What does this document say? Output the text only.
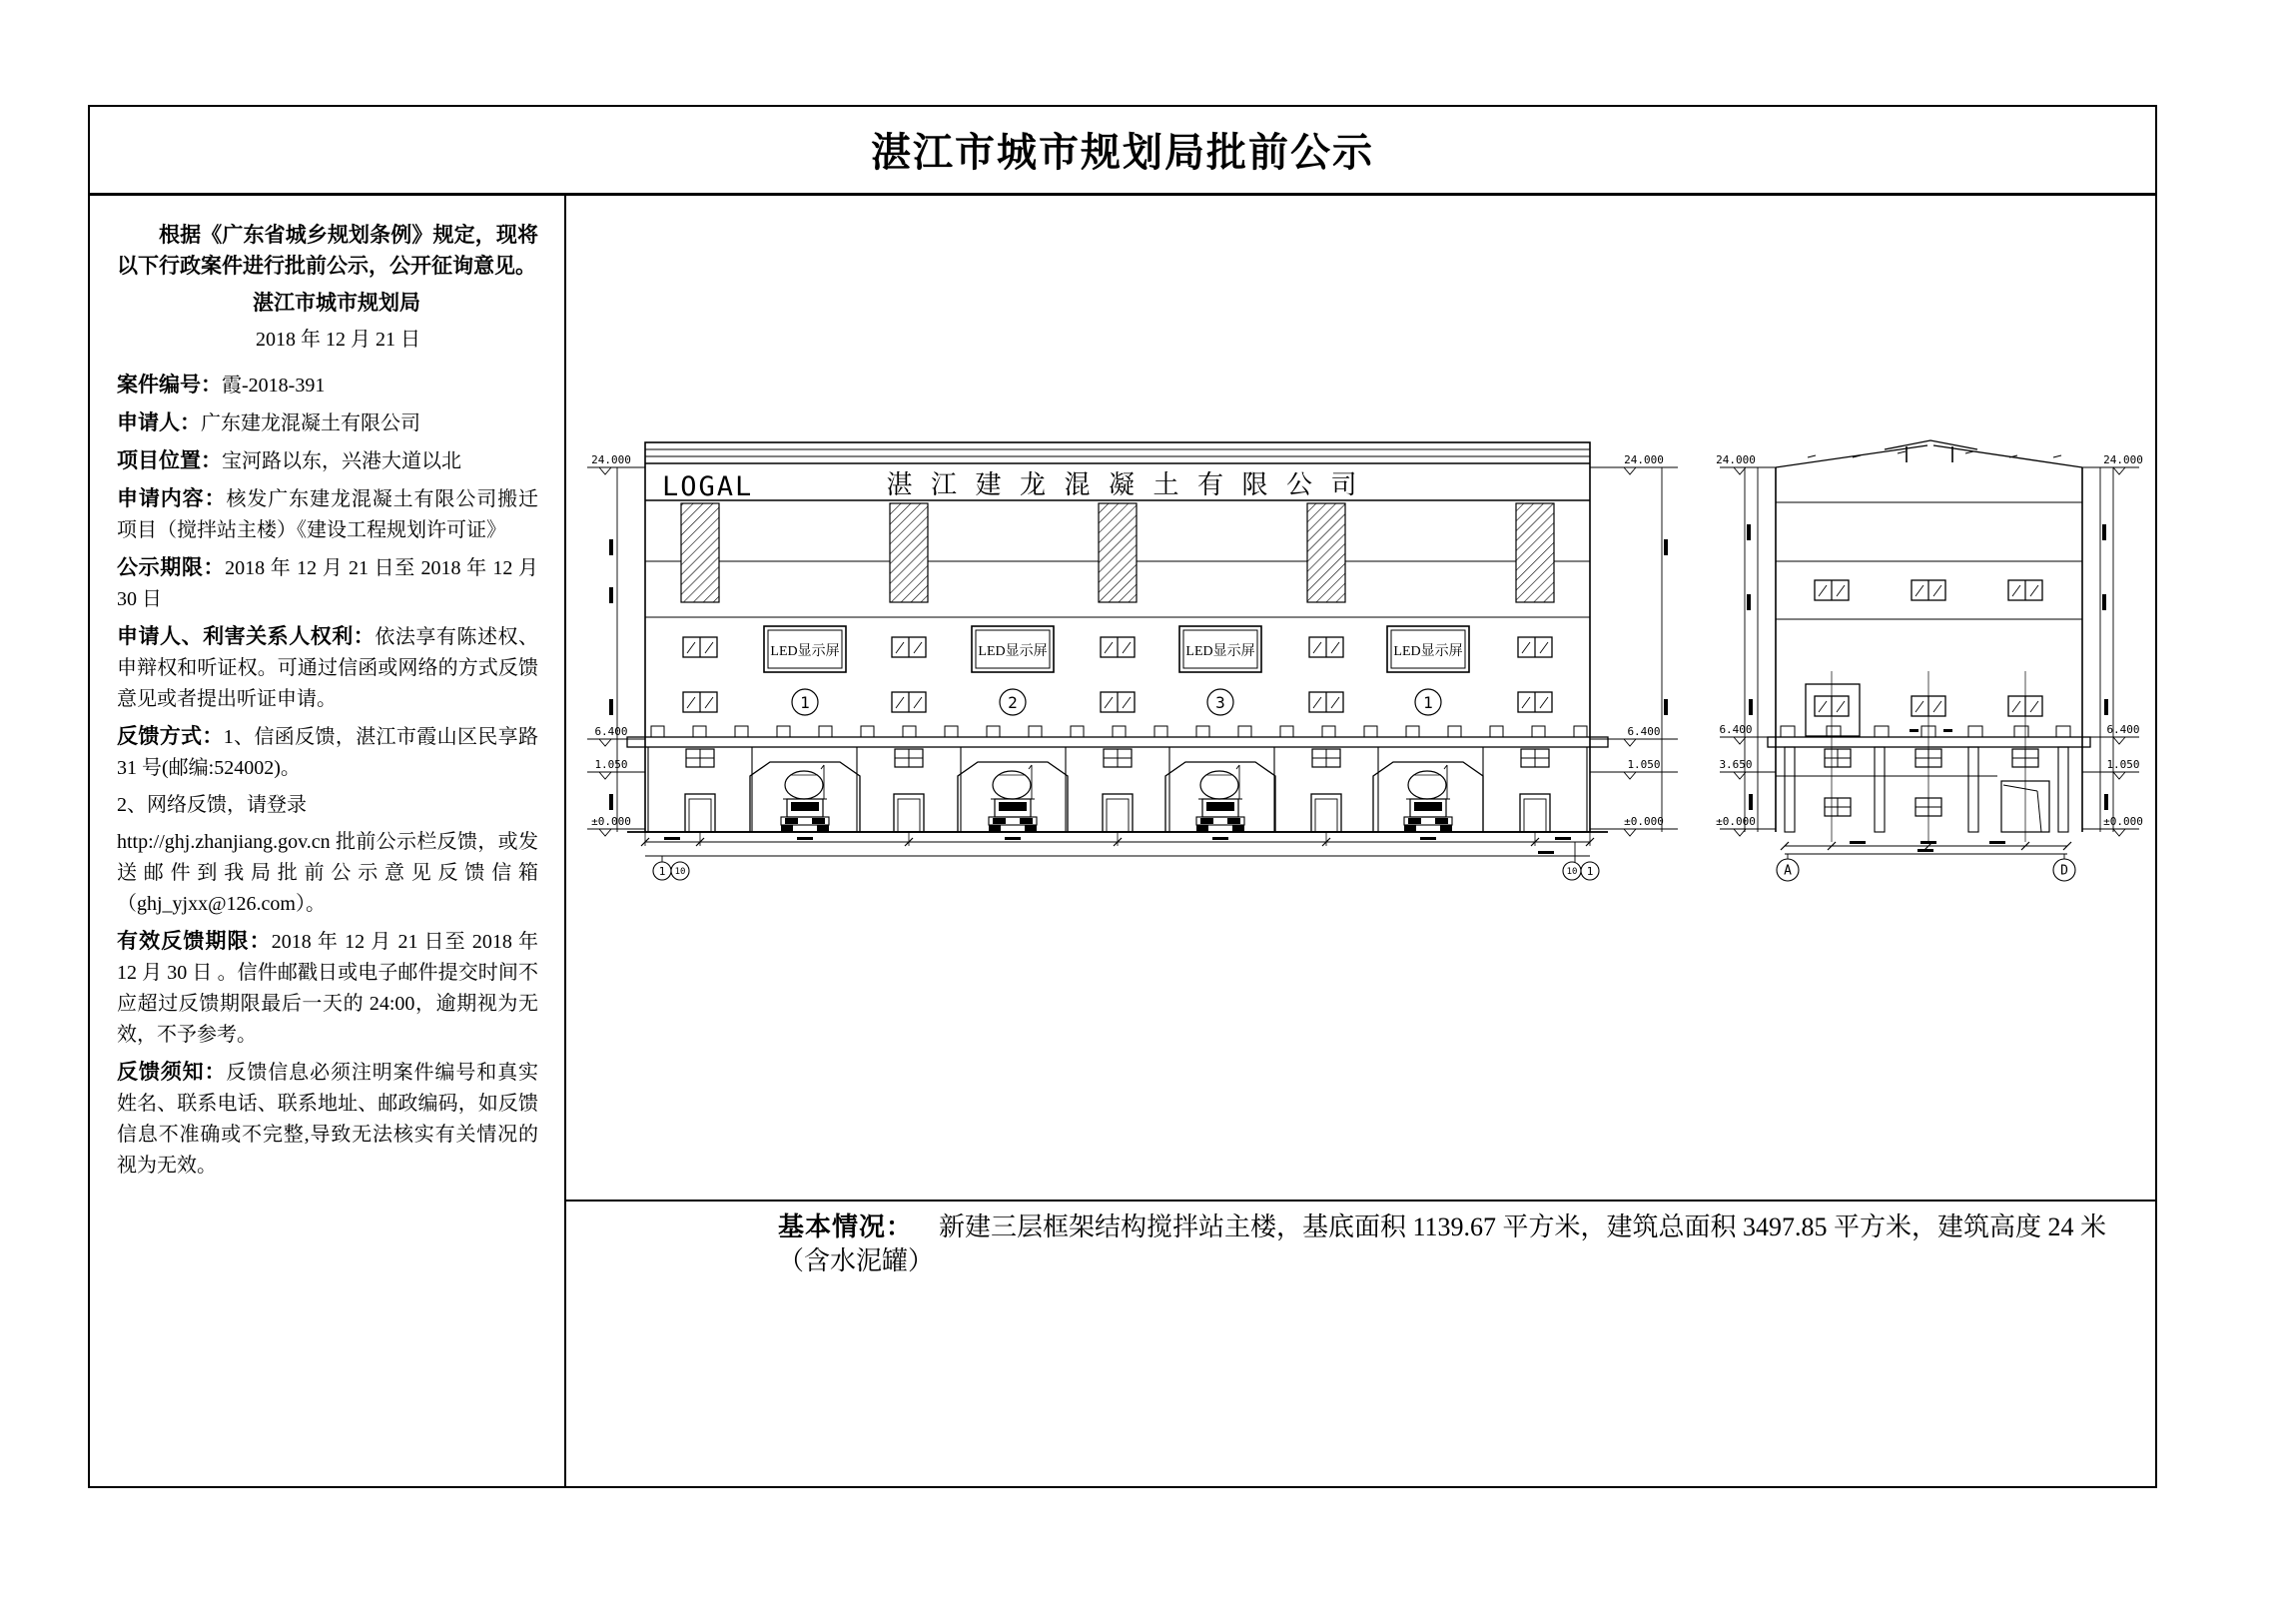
湛江市城市规划局批前公示

根据《广东省城乡规划条例》规定，现将以下行政案件进行批前公示，公开征询意见。

湛江市城市规划局

2018 年 12 月 21 日

案件编号：霞-2018-391

申请人：广东建龙混凝土有限公司

项目位置：宝河路以东，兴港大道以北

申请内容：核发广东建龙混凝土有限公司搬迁项目（搅拌站主楼）《建设工程规划许可证》

公示期限：2018 年 12 月 21 日至 2018 年 12 月 30 日

申请人、利害关系人权利：依法享有陈述权、申辩权和听证权。可通过信函或网络的方式反馈意见或者提出听证申请。

反馈方式：1、信函反馈，湛江市霞山区民享路 31 号(邮编:524002)。

2、网络反馈，请登录

http://ghj.zhanjiang.gov.cn 批前公示栏反馈，或发送邮件到我局批前公示意见反馈信箱（ghj_yjxx@126.com）。

有效反馈期限：2018 年 12 月 21 日至 2018 年 12 月 30 日 。信件邮戳日或电子邮件提交时间不应超过反馈期限最后一天的 24:00，逾期视为无效，不予参考。

反馈须知：反馈信息必须注明案件编号和真实姓名、联系电话、联系地址、邮政编码，如反馈信息不准确或不完整,导致无法核实有关情况的视为无效。

LOGAL	湛 江 建 龙 混 凝 土 有 限 公 司
LED显示屏	LED显示屏	LED显示屏	LED显示屏
1	2	3	1
1 10	10 1
24.000
6.400
1.050
±0.000
24.000
6.400
1.050
±0.000
A	D
24.000
6.400
3.650
±0.000
24.000
6.400
1.050
±0.000
基本情况： 新建三层框架结构搅拌站主楼，基底面积 1139.67 平方米，建筑总面积 3497.85 平方米，建筑高度 24 米（含水泥罐）
